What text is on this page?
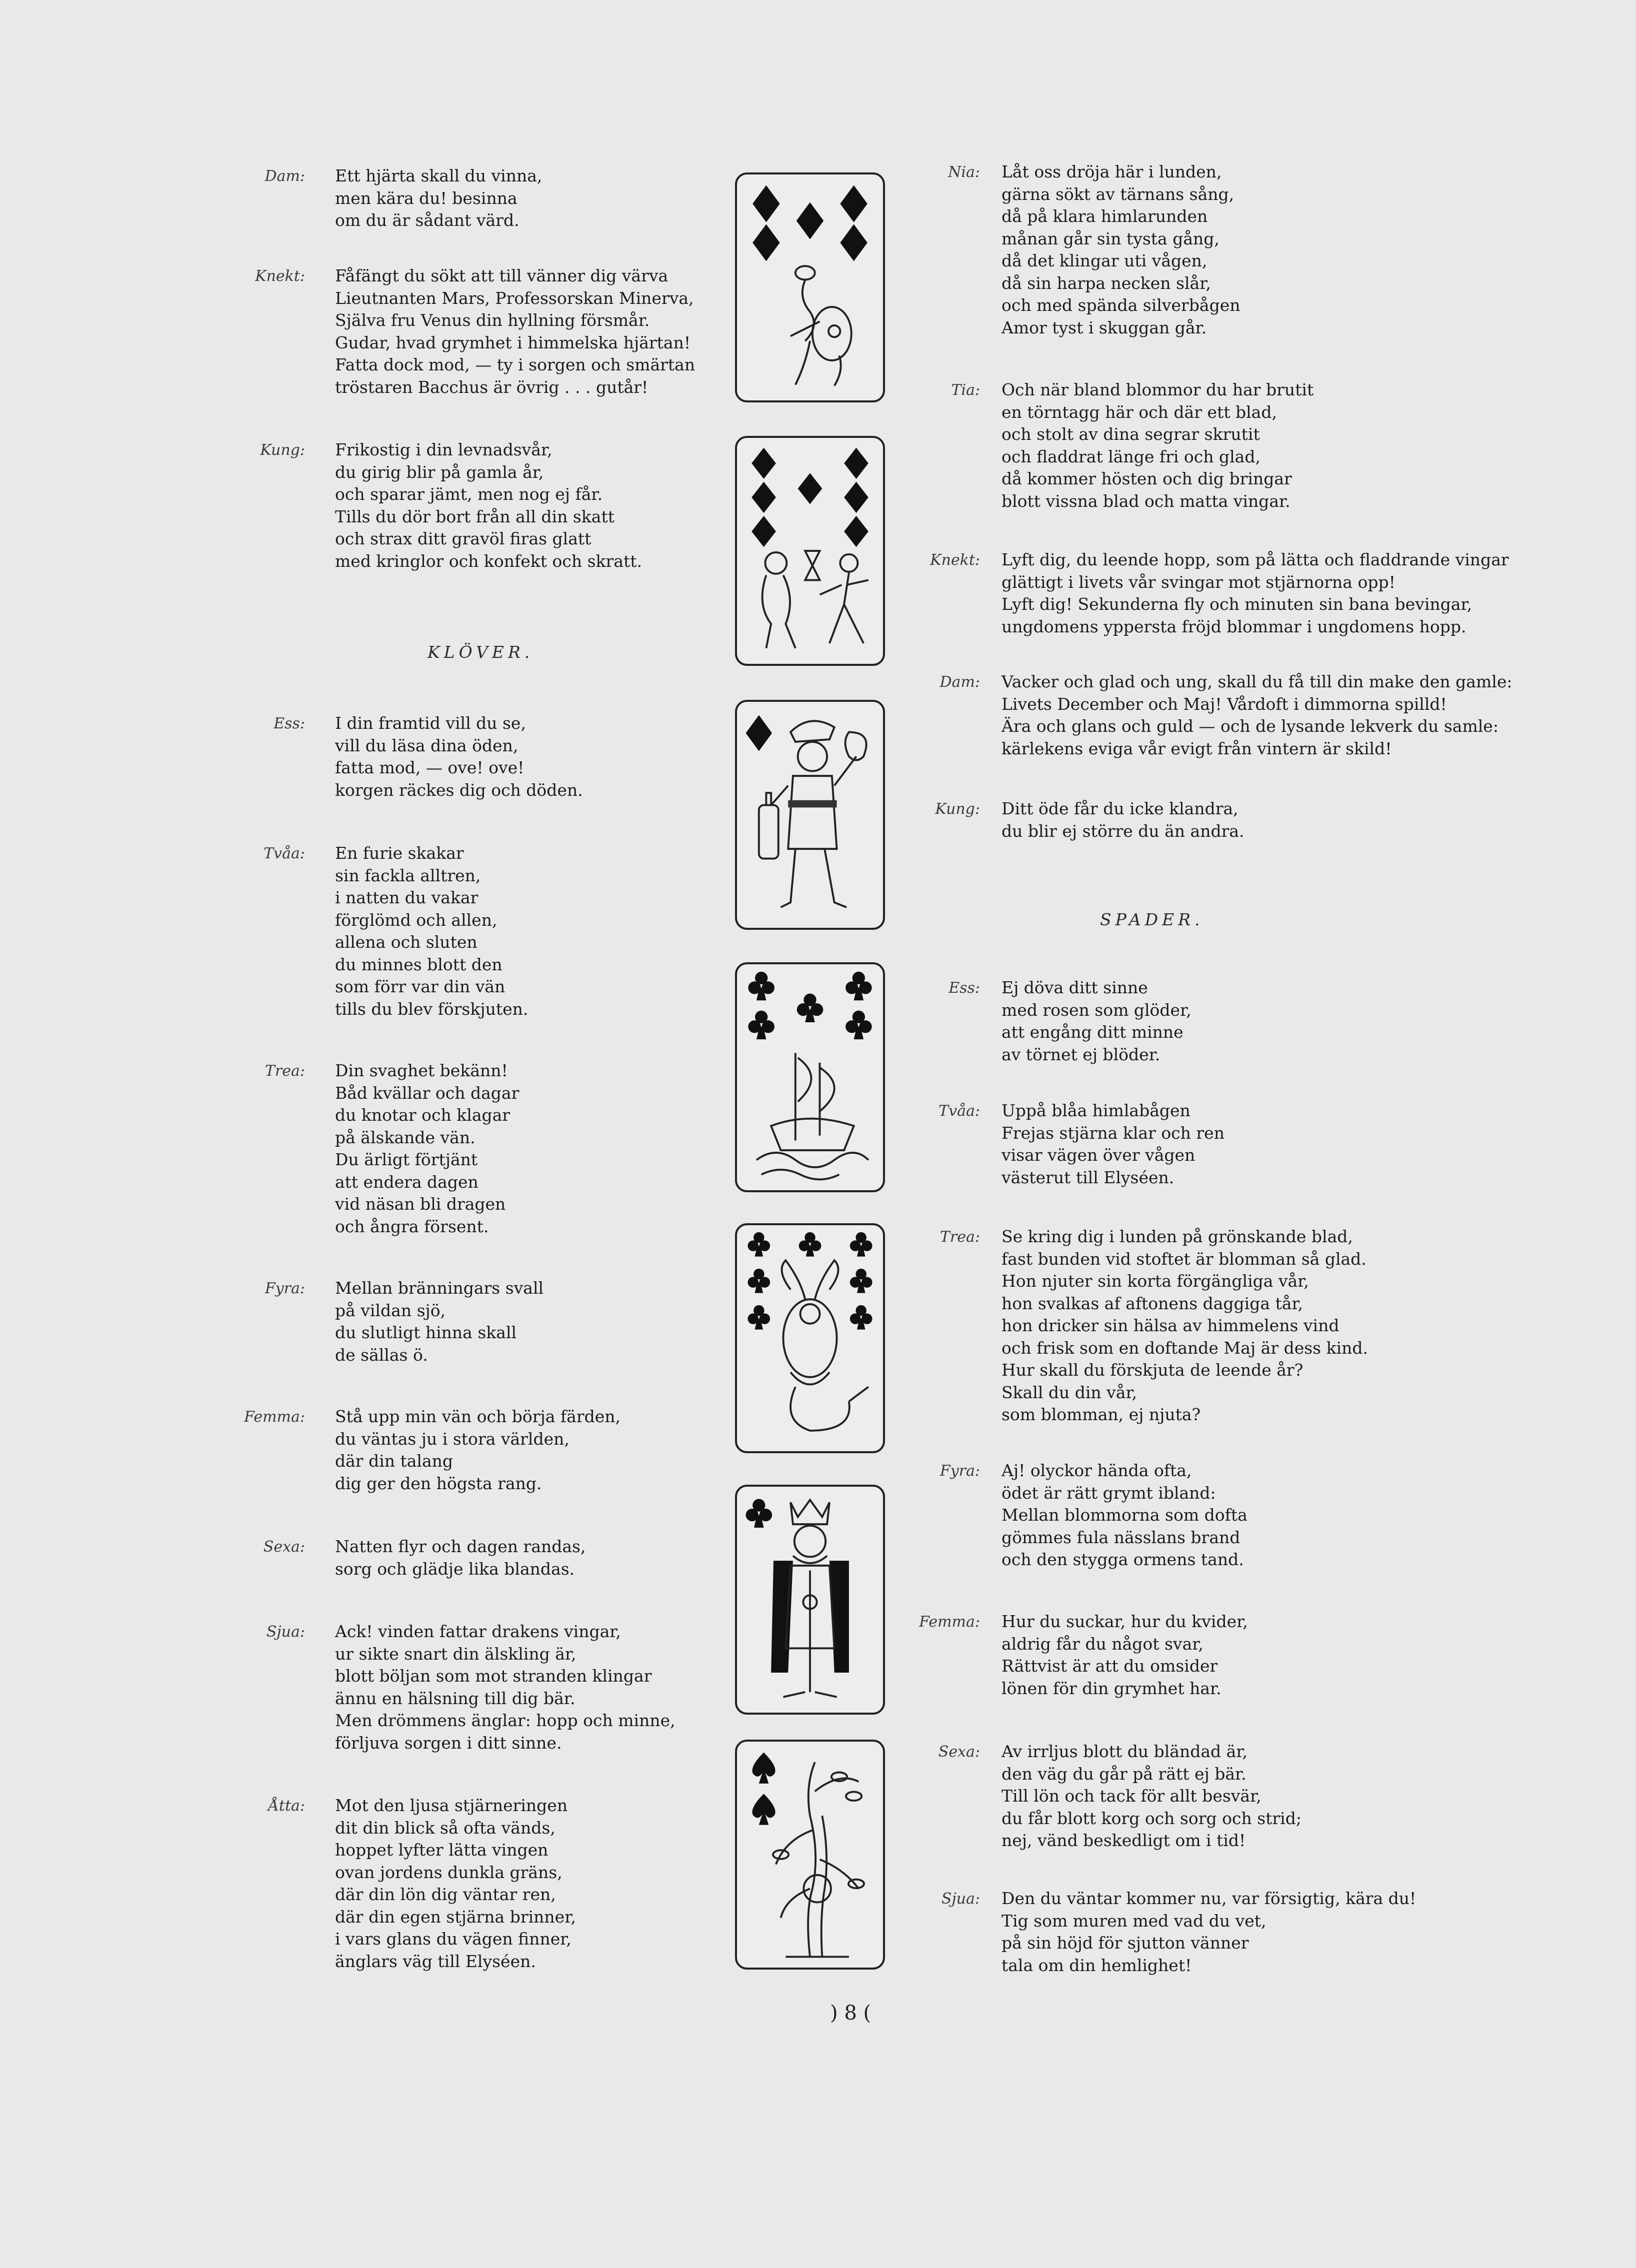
Dam: Ett hjärta skall du vinna,
men kära du! besinna
om du är sådant värd.
Knekt: Fåfängt du sökt att till vänner dig värva
Lieutnanten Mars, Professorskan Minerva,
Själva fru Venus din hyllning försmår.
Gudar, hvad grymhet i himmelska hjärtan!
Fatta dock mod, — ty i sorgen och smärtan
tröstaren Bacchus är övrig . . . gutår!
Kung: Frikostig i din levnadsvår,
du girig blir på gamla år,
och sparar jämt, men nog ej får.
Tills du dör bort från all din skatt
och strax ditt gravöl firas glatt
med kringlor och konfekt och skratt.
KLÖVER.
Ess: I din framtid vill du se,
vill du läsa dina öden,
fatta mod, — ove! ove!
korgen räckes dig och döden.
Tvåa: En furie skakar
sin fackla alltren,
i natten du vakar
förglömd och allen,
allena och sluten
du minnes blott den
som förr var din vän
tills du blev förskjuten.
Trea: Din svaghet bekänn!
Båd kvällar och dagar
du knotar och klagar
på älskande vän.
Du ärligt förtjänt
att endera dagen
vid näsan bli dragen
och ångra försent.
Fyra: Mellan bränningars svall
på vildan sjö,
du slutligt hinna skall
de sällas ö.
Femma: Stå upp min vän och börja färden,
du väntas ju i stora världen,
där din talang
dig ger den högsta rang.
Sexa: Natten flyr och dagen randas,
sorg och glädje lika blandas.
Sjua: Ack! vinden fattar drakens vingar,
ur sikte snart din älskling är,
blott böljan som mot stranden klingar
ännu en hälsning till dig bär.
Men drömmens änglar: hopp och minne,
förljuva sorgen i ditt sinne.
Åtta: Mot den ljusa stjärneringen
dit din blick så ofta vänds,
hoppet lyfter lätta vingen
ovan jordens dunkla gräns,
där din lön dig väntar ren,
där din egen stjärna brinner,
i vars glans du vägen finner,
änglars väg till Elyséen.
Nia: Låt oss dröja här i lunden,
gärna sökt av tärnans sång,
då på klara himlarunden
månan går sin tysta gång,
då det klingar uti vågen,
då sin harpa necken slår,
och med spända silverbågen
Amor tyst i skuggan går.
Tia: Och när bland blommor du har brutit
en törntagg här och där ett blad,
och stolt av dina segrar skrutit
och fladdrat länge fri och glad,
då kommer hösten och dig bringar
blott vissna blad och matta vingar.
Knekt: Lyft dig, du leende hopp, som på lätta och fladdrande vingar
glättigt i livets vår svingar mot stjärnorna opp!
Lyft dig! Sekunderna fly och minuten sin bana bevingar,
ungdomens yppersta fröjd blommar i ungdomens hopp.
Dam: Vacker och glad och ung, skall du få till din make den gamle:
Livets December och Maj! Vårdoft i dimmorna spilld!
Ära och glans och guld — och de lysande lekverk du samle:
kärlekens eviga vår evigt från vintern är skild!
Kung: Ditt öde får du icke klandra,
du blir ej större du än andra.
SPADER.
Ess: Ej döva ditt sinne
med rosen som glöder,
att engång ditt minne
av törnet ej blöder.
Tvåa: Uppå blåa himlabågen
Frejas stjärna klar och ren
visar vägen över vågen
västerut till Elyséen.
Trea: Se kring dig i lunden på grönskande blad,
fast bunden vid stoftet är blomman så glad.
Hon njuter sin korta förgängliga vår,
hon svalkas af aftonens daggiga tår,
hon dricker sin hälsa av himmelens vind
och frisk som en doftande Maj är dess kind.
Hur skall du förskjuta de leende år?
Skall du din vår,
som blomman, ej njuta?
Fyra: Aj! olyckor hända ofta,
ödet är rätt grymt ibland:
Mellan blommorna som dofta
gömmes fula nässlans brand
och den stygga ormens tand.
Femma: Hur du suckar, hur du kvider,
aldrig får du något svar,
Rättvist är att du omsider
lönen för din grymhet har.
Sexa: Av irrljus blott du bländad är,
den väg du går på rätt ej bär.
Till lön och tack för allt besvär,
du får blott korg och sorg och strid;
nej, vänd beskedligt om i tid!
Sjua: Den du väntar kommer nu, var försigtig, kära du!
Tig som muren med vad du vet,
på sin höjd för sjutton vänner
tala om din hemlighet!
) 8 (
